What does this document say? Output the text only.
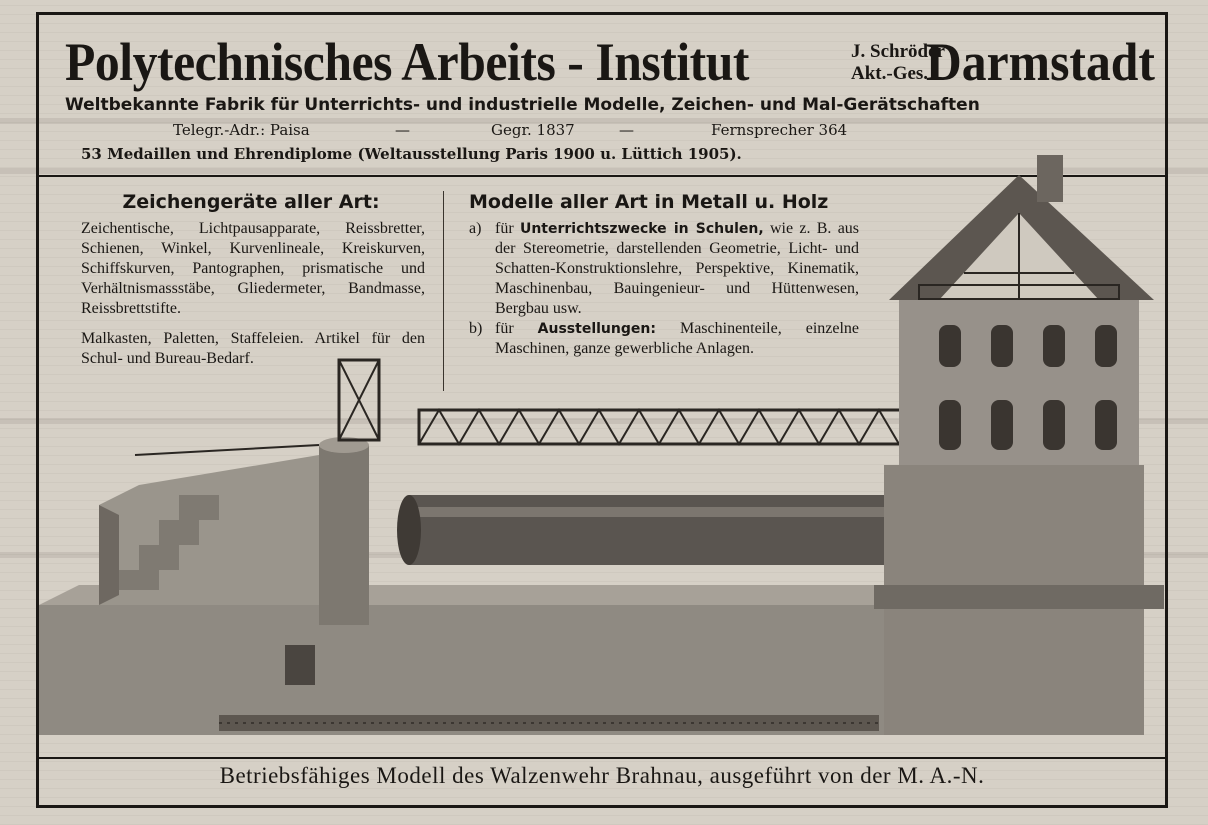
Polytechnisches Arbeits - Institut	J. Schröder
Akt.-Ges.
Darmstadt
Weltbekannte Fabrik für Unterrichts- und industrielle Modelle, Zeichen- und Mal-Gerätschaften
Telegr.-Adr.: Paisa	—	Gegr. 1837	—	Fernsprecher 364
53 Medaillen und Ehrendiplome (Weltausstellung Paris 1900 u. Lüttich 1905).
Zeichengeräte aller Art:

Zeichentische, Lichtpausapparate, Reissbretter, Schienen, Winkel, Kurvenlineale, Kreiskurven, Schiffskurven, Pantographen, prismatische und Verhältnismassstäbe, Gliedermeter, Bandmasse, Reissbrettstifte.

Malkasten, Paletten, Staffeleien. Artikel für den Schul- und Bureau-Bedarf.

Modelle aller Art in Metall u. Holz
a) für Unterrichtszwecke in Schulen, wie z. B. aus der Stereometrie, darstellenden Geometrie, Licht- und Schatten-Konstruktionslehre, Perspektive, Kinematik, Maschinenbau, Bauingenieur- und Hüttenwesen, Bergbau usw.
b) für Ausstellungen: Maschinenteile, einzelne Maschinen, ganze gewerbliche Anlagen.
Betriebsfähiges Modell des Walzenwehr Brahnau, ausgeführt von der M. A.-N.
